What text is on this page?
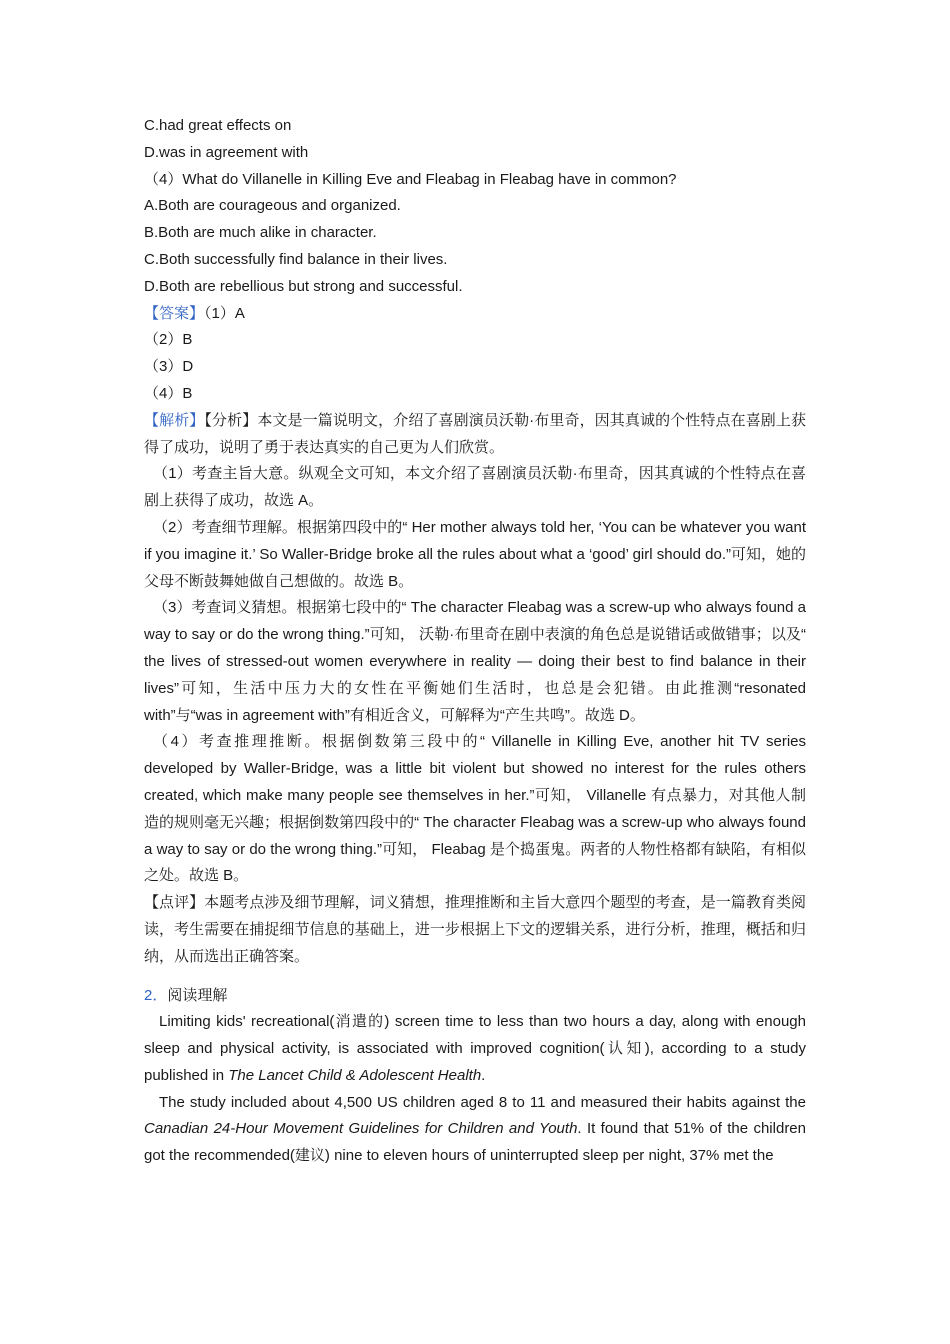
C.had great effects on

D.was in agreement with

（4）What do Villanelle in Killing Eve and Fleabag in Fleabag have in common?

A.Both are courageous and organized.

B.Both are much alike in character.

C.Both successfully find balance in their lives.

D.Both are rebellious but strong and successful.

【答案】（1）A

（2）B

（3）D

（4）B

【解析】【分析】本文是一篇说明文，介绍了喜剧演员沃勒·布里奇，因其真诚的个性特点在喜剧上获得了成功，说明了勇于表达真实的自己更为人们欣赏。

（1）考查主旨大意。纵观全文可知，本文介绍了喜剧演员沃勒·布里奇，因其真诚的个性特点在喜剧上获得了成功，故选 A。

（2）考查细节理解。根据第四段中的“ Her mother always told her, ‘You can be whatever you want if you imagine it.’ So Waller-Bridge broke all the rules about what a ‘good’ girl should do.”可知，她的父母不断鼓舞她做自己想做的。故选 B。

（3）考查词义猜想。根据第七段中的“ The character Fleabag was a screw-up who always found a way to say or do the wrong thing.”可知， 沃勒·布里奇在剧中表演的角色总是说错话或做错事；以及“ the lives of stressed-out women everywhere in reality — doing their best to find balance in their lives”可知，生活中压力大的女性在平衡她们生活时，也总是会犯错。由此推测“resonated with”与“was in agreement with”有相近含义，可解释为“产生共鸣”。故选 D。

（4）考查推理推断。根据倒数第三段中的“ Villanelle in Killing Eve, another hit TV series developed by Waller-Bridge, was a little bit violent but showed no interest for the rules others created, which make many people see themselves in her.”可知， Villanelle 有点暴力，对其他人制造的规则毫无兴趣；根据倒数第四段中的“ The character Fleabag was a screw-up who always found a way to say or do the wrong thing.”可知， Fleabag 是个捣蛋鬼。两者的人物性格都有缺陷，有相似之处。故选 B。

【点评】本题考点涉及细节理解，词义猜想，推理推断和主旨大意四个题型的考查，是一篇教育类阅读，考生需要在捕捉细节信息的基础上，进一步根据上下文的逻辑关系，进行分析，推理，概括和归纳，从而选出正确答案。

2．阅读理解

Limiting kids' recreational(消遣的) screen time to less than two hours a day, along with enough sleep and physical activity, is associated with improved cognition(认知), according to a study published in The Lancet Child & Adolescent Health.

The study included about 4,500 US children aged 8 to 11 and measured their habits against the Canadian 24-Hour Movement Guidelines for Children and Youth. It found that 51% of the children got the recommended(建议) nine to eleven hours of uninterrupted sleep per night, 37% met the
